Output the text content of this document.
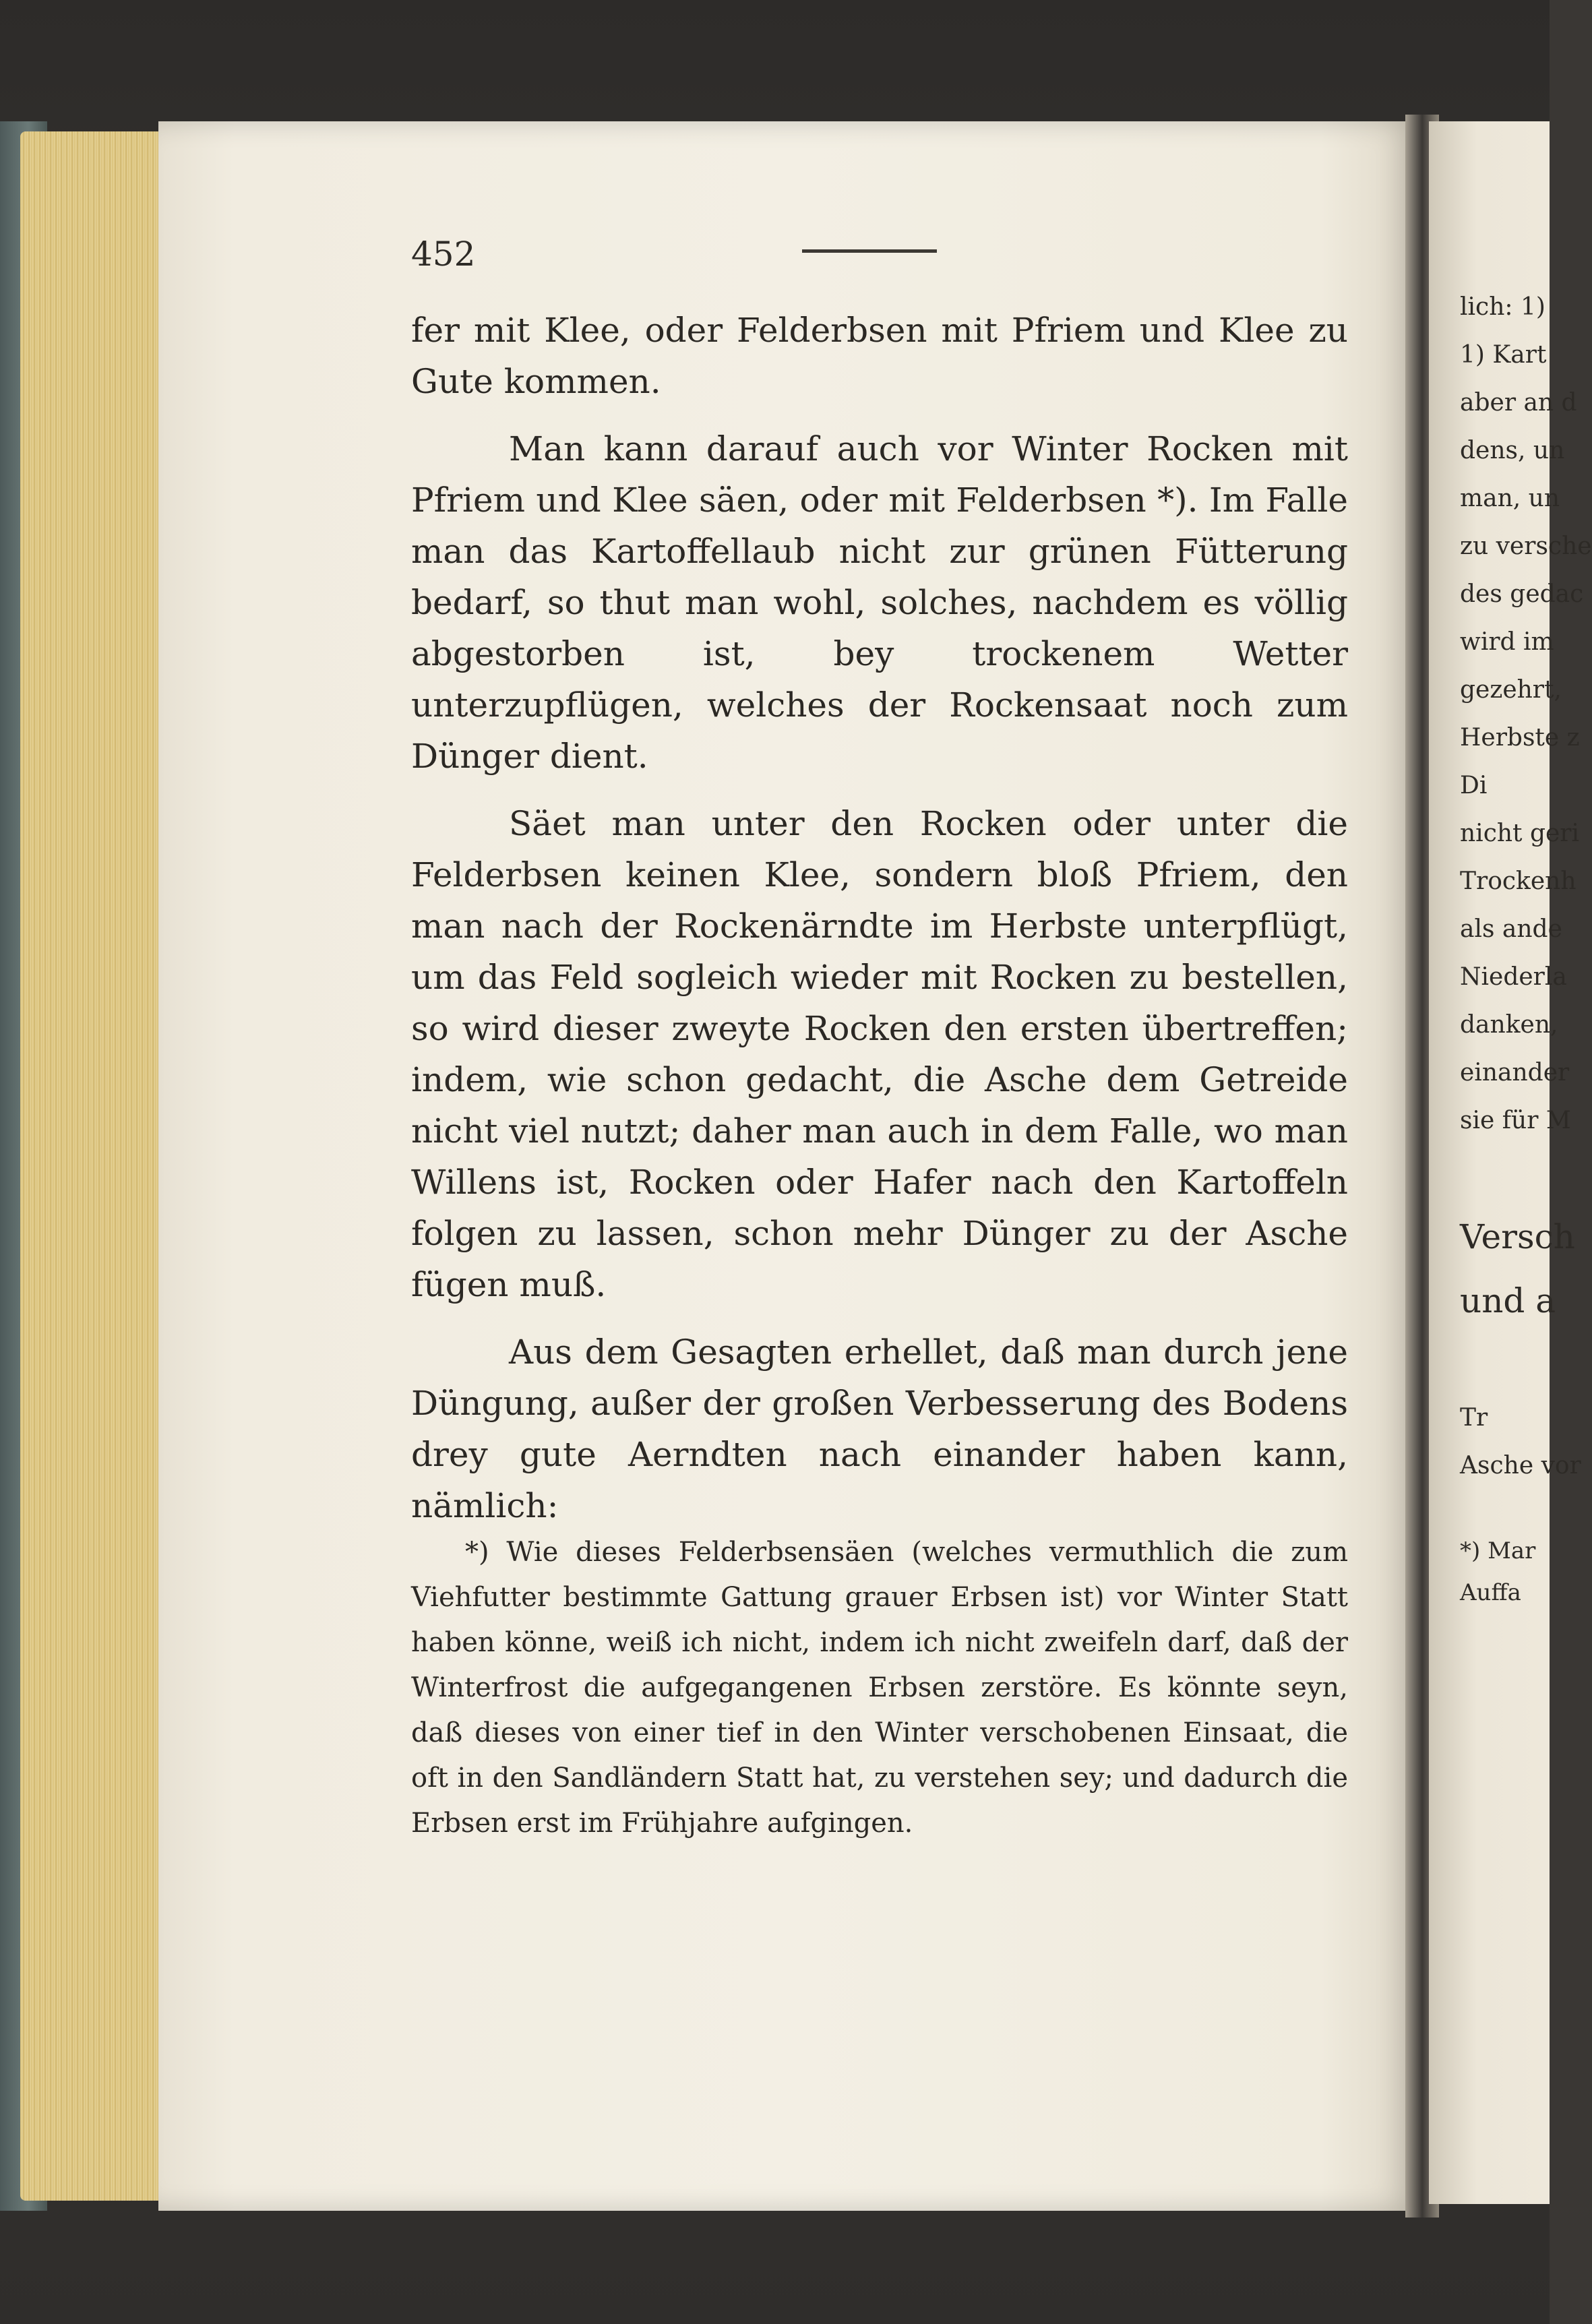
452

fer mit Klee, oder Felderbsen mit Pfriem und Klee zu Gute kommen.

Man kann darauf auch vor Winter Rocken mit Pfriem und Klee säen, oder mit Felderbsen *). Im Falle man das Kartoffellaub nicht zur grünen Fütterung bedarf, so thut man wohl, solches, nachdem es völlig abgestorben ist, bey trockenem Wetter unterzupflügen, welches der Rockensaat noch zum Dünger dient.

Säet man unter den Rocken oder unter die Felderbsen keinen Klee, sondern bloß Pfriem, den man nach der Rockenärndte im Herbste unterpflügt, um das Feld sogleich wieder mit Rocken zu bestellen, so wird dieser zweyte Rocken den ersten übertreffen; indem, wie schon gedacht, die Asche dem Getreide nicht viel nutzt; daher man auch in dem Falle, wo man Willens ist, Rocken oder Hafer nach den Kartoffeln folgen zu lassen, schon mehr Dünger zu der Asche fügen muß.

Aus dem Gesagten erhellet, daß man durch jene Düngung, außer der großen Verbesserung des Bodens drey gute Aerndten nach einander haben kann, nämlich:

*) Wie dieses Felderbsensäen (welches vermuthlich die zum Viehfutter bestimmte Gattung grauer Erbsen ist) vor Winter Statt haben könne, weiß ich nicht, indem ich nicht zweifeln darf, daß der Winterfrost die aufgegangenen Erbsen zerstöre. Es könnte seyn, daß dieses von einer tief in den Winter verschobenen Einsaat, die oft in den Sandländern Statt hat, zu verstehen sey; und dadurch die Erbsen erst im Frühjahre aufgingen.

lich: 1)
1) Kart
aber an d
dens, un
man, un
zu versche
des gedac
wird im
gezehrt,
Herbste z
Di
nicht geri
Trockenh
als ande
Niederla
danken,
einander
sie für M
Versch
und a
Tr
Asche vor
*) Mar
Auffa
